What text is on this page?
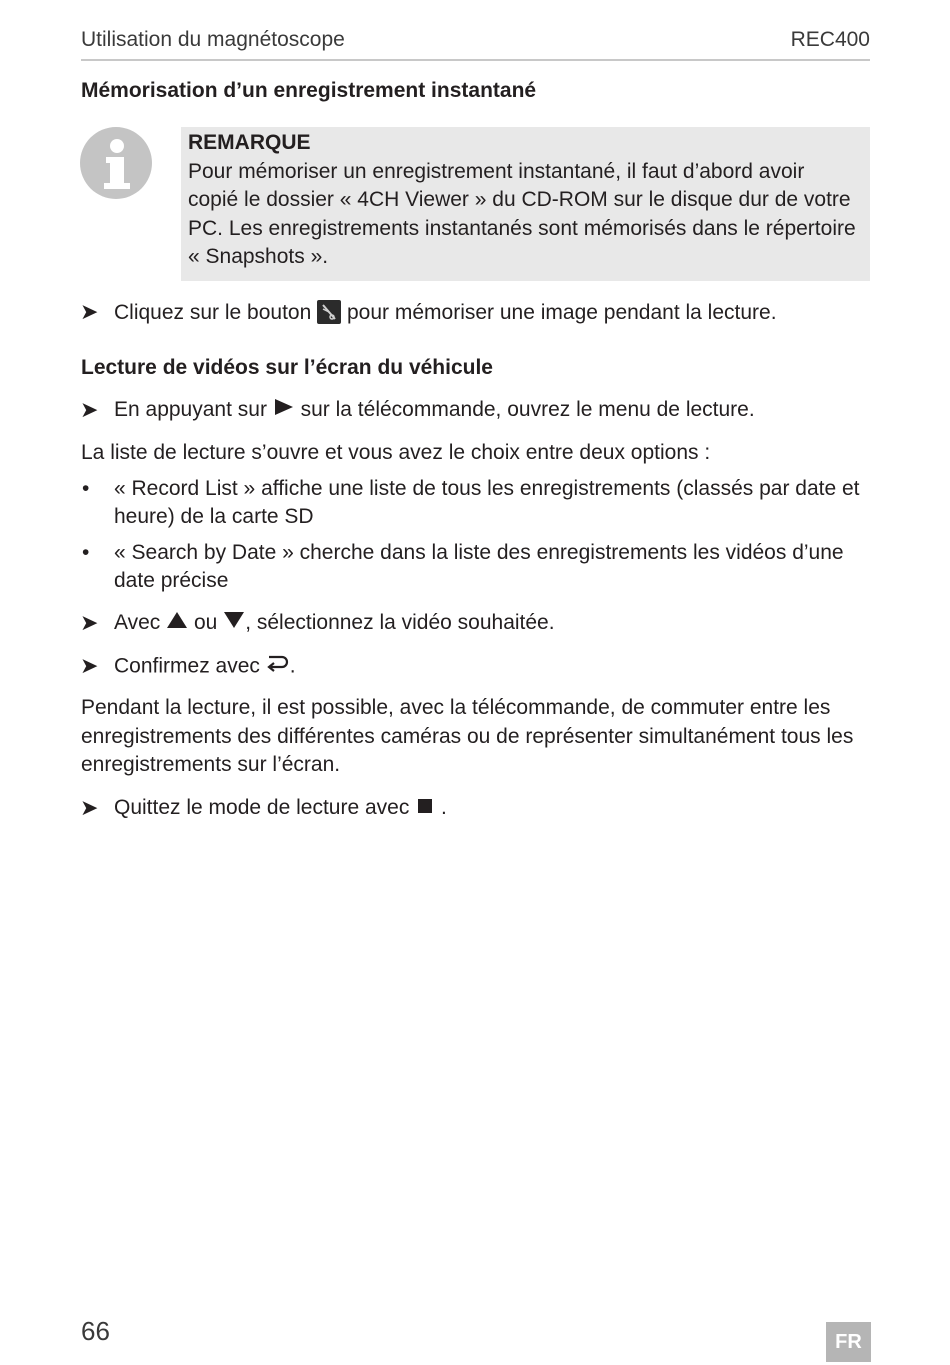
Utilisation du magnétoscope	REC400
Mémorisation d’un enregistrement instantané
REMARQUE
Pour mémoriser un enregistrement instantané, il faut d’abord avoir
copié le dossier « 4CH Viewer » du CD-ROM sur le disque dur de votre
PC. Les enregistrements instantanés sont mémorisés dans le répertoire
« Snapshots ».
➤ Cliquez sur le bouton pour mémoriser une image pendant la lecture.
Lecture de vidéos sur l’écran du véhicule
➤ En appuyant sur sur la télécommande, ouvrez le menu de lecture.
La liste de lecture s’ouvre et vous avez le choix entre deux options :
• « Record List » affiche une liste de tous les enregistrements (classés par date et
heure) de la carte SD
• « Search by Date » cherche dans la liste des enregistrements les vidéos d’une
date précise
➤ Avec ou , sélectionnez la vidéo souhaitée.
➤ Confirmez avec .
Pendant la lecture, il est possible, avec la télécommande, de commuter entre les
enregistrements des différentes caméras ou de représenter simultanément tous les
enregistrements sur l’écran.
➤ Quittez le mode de lecture avec .
66	FR
